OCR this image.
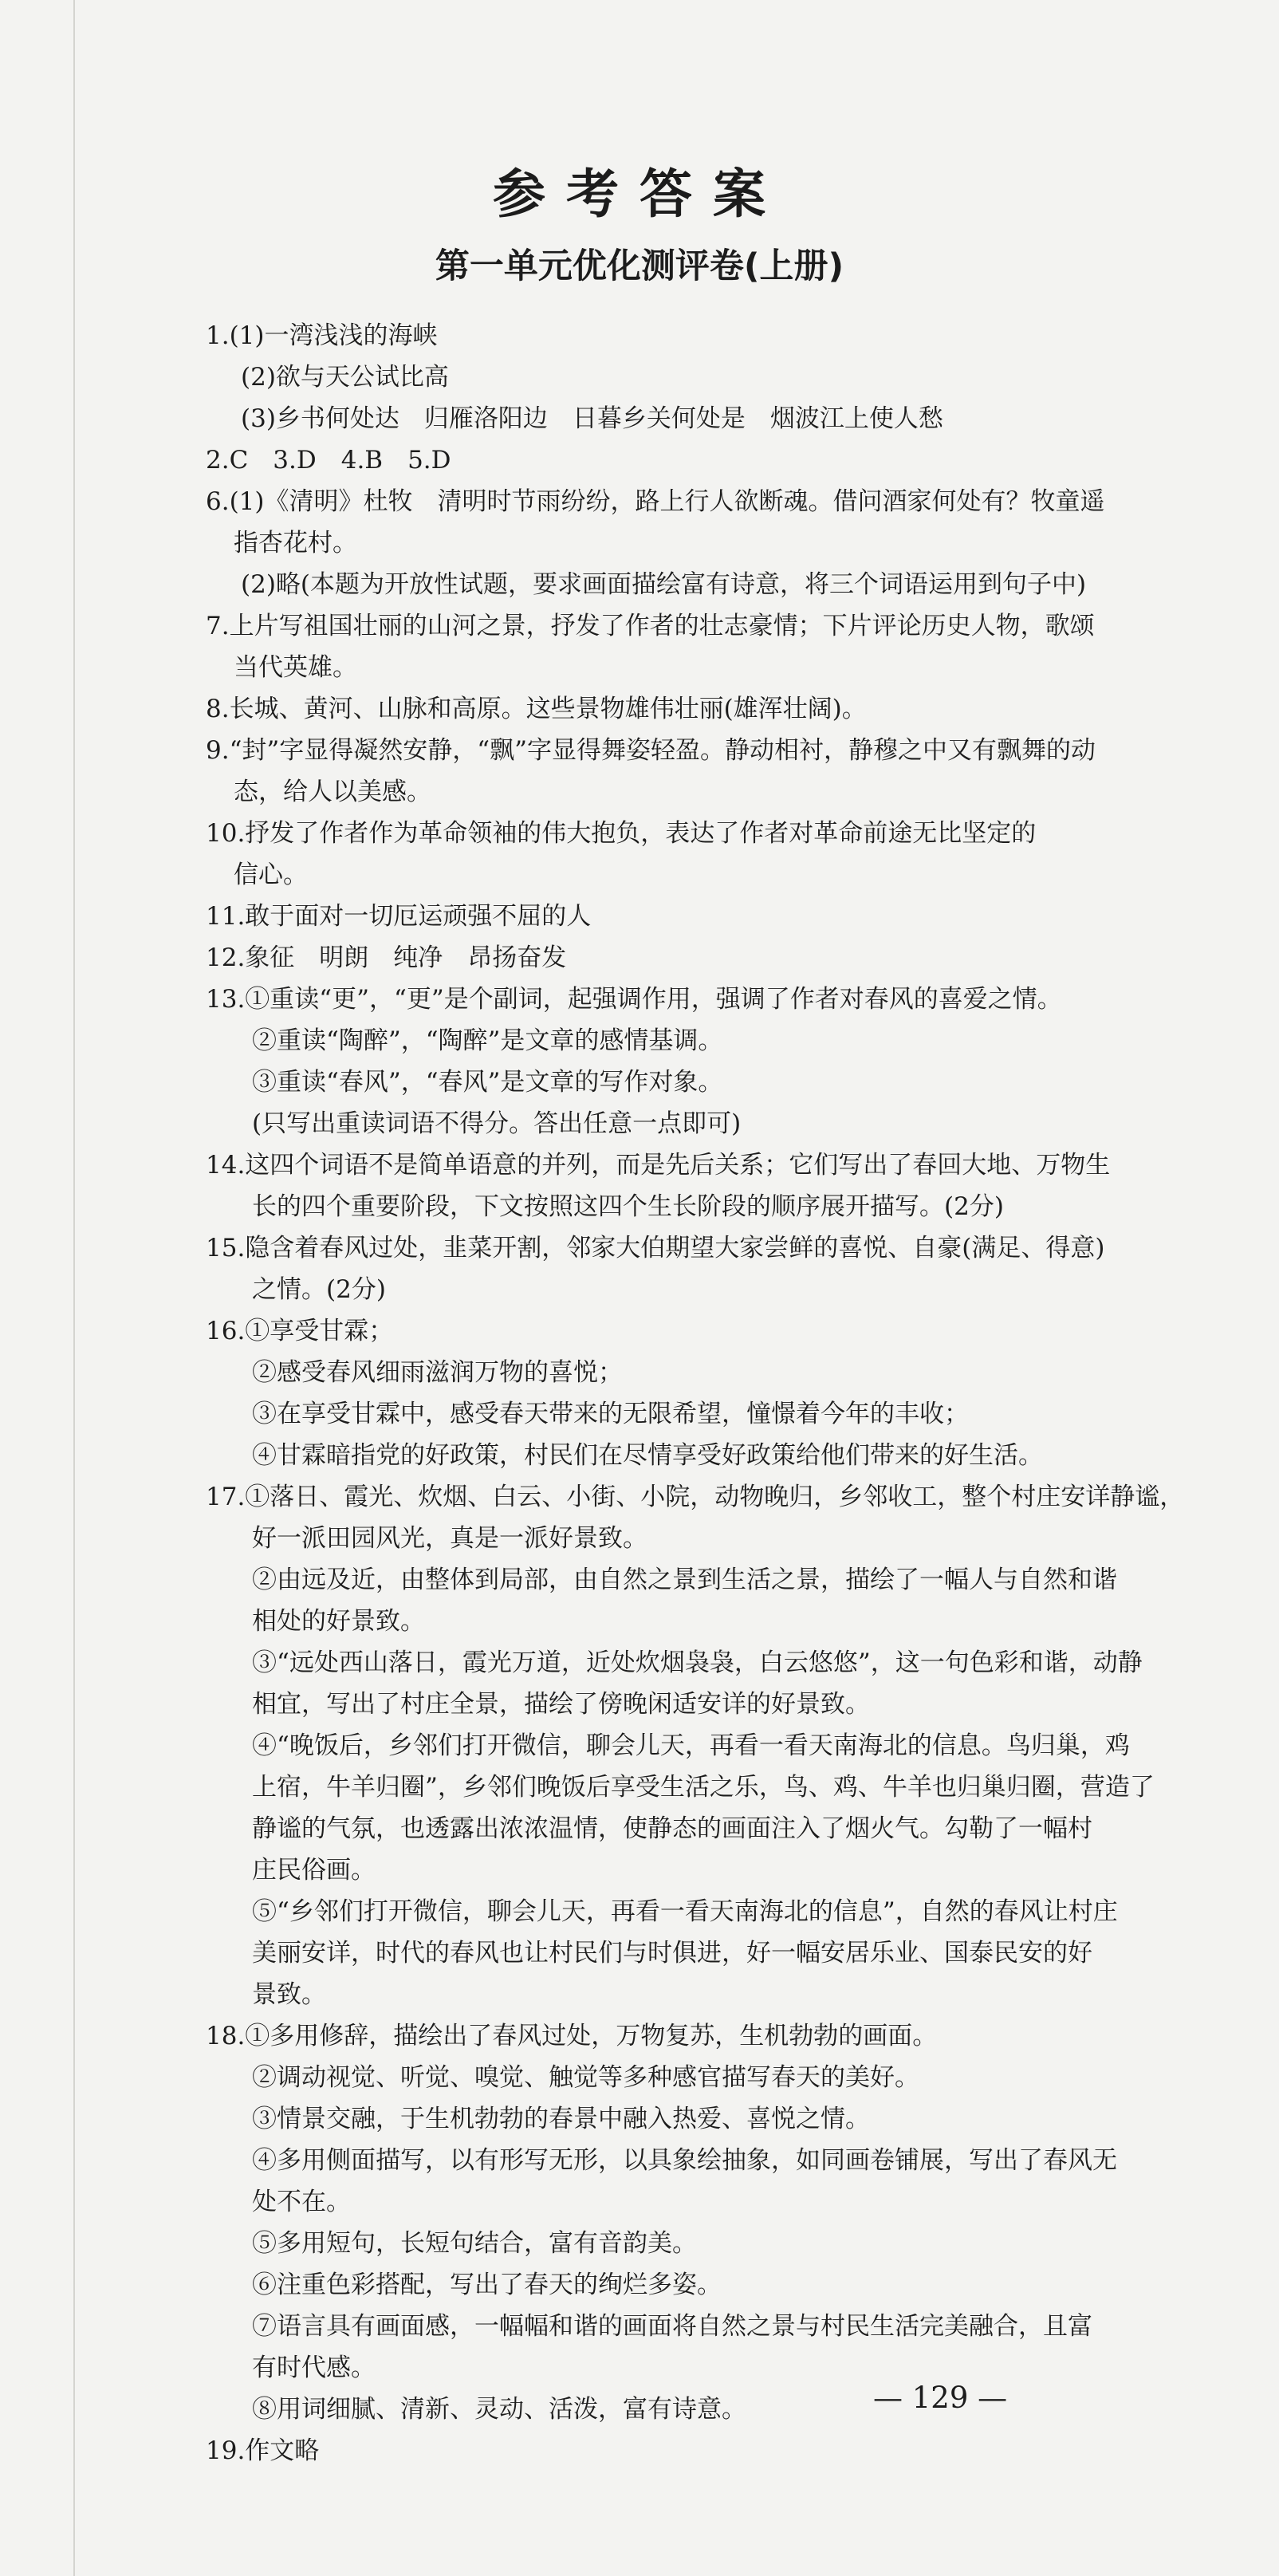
参考答案
第一单元优化测评卷(上册)
1.(1)一湾浅浅的海峡
(2)欲与天公试比高
(3)乡书何处达　归雁洛阳边　日暮乡关何处是　烟波江上使人愁
2.C　3.D　4.B　5.D
6.(1)《清明》杜牧　清明时节雨纷纷，路上行人欲断魂。借问酒家何处有？牧童遥
指杏花村。
(2)略(本题为开放性试题，要求画面描绘富有诗意，将三个词语运用到句子中)
7.上片写祖国壮丽的山河之景，抒发了作者的壮志豪情；下片评论历史人物，歌颂
当代英雄。
8.长城、黄河、山脉和高原。这些景物雄伟壮丽(雄浑壮阔)。
9.“封”字显得凝然安静，“飘”字显得舞姿轻盈。静动相衬，静穆之中又有飘舞的动
态，给人以美感。
10.抒发了作者作为革命领袖的伟大抱负，表达了作者对革命前途无比坚定的
信心。
11.敢于面对一切厄运顽强不屈的人
12.象征　明朗　纯净　昂扬奋发
13.①重读“更”，“更”是个副词，起强调作用，强调了作者对春风的喜爱之情。
②重读“陶醉”，“陶醉”是文章的感情基调。
③重读“春风”，“春风”是文章的写作对象。
(只写出重读词语不得分。答出任意一点即可)
14.这四个词语不是简单语意的并列，而是先后关系；它们写出了春回大地、万物生
长的四个重要阶段，下文按照这四个生长阶段的顺序展开描写。(2分)
15.隐含着春风过处，韭菜开割，邻家大伯期望大家尝鲜的喜悦、自豪(满足、得意)
之情。(2分)
16.①享受甘霖；
②感受春风细雨滋润万物的喜悦；
③在享受甘霖中，感受春天带来的无限希望，憧憬着今年的丰收；
④甘霖暗指党的好政策，村民们在尽情享受好政策给他们带来的好生活。
17.①落日、霞光、炊烟、白云、小街、小院，动物晚归，乡邻收工，整个村庄安详静谧，
好一派田园风光，真是一派好景致。
②由远及近，由整体到局部，由自然之景到生活之景，描绘了一幅人与自然和谐
相处的好景致。
③“远处西山落日，霞光万道，近处炊烟袅袅，白云悠悠”，这一句色彩和谐，动静
相宜，写出了村庄全景，描绘了傍晚闲适安详的好景致。
④“晚饭后，乡邻们打开微信，聊会儿天，再看一看天南海北的信息。鸟归巢，鸡
上宿，牛羊归圈”，乡邻们晚饭后享受生活之乐，鸟、鸡、牛羊也归巢归圈，营造了
静谧的气氛，也透露出浓浓温情，使静态的画面注入了烟火气。勾勒了一幅村
庄民俗画。
⑤“乡邻们打开微信，聊会儿天，再看一看天南海北的信息”，自然的春风让村庄
美丽安详，时代的春风也让村民们与时俱进，好一幅安居乐业、国泰民安的好
景致。
18.①多用修辞，描绘出了春风过处，万物复苏，生机勃勃的画面。
②调动视觉、听觉、嗅觉、触觉等多种感官描写春天的美好。
③情景交融，于生机勃勃的春景中融入热爱、喜悦之情。
④多用侧面描写，以有形写无形，以具象绘抽象，如同画卷铺展，写出了春风无
处不在。
⑤多用短句，长短句结合，富有音韵美。
⑥注重色彩搭配，写出了春天的绚烂多姿。
⑦语言具有画面感，一幅幅和谐的画面将自然之景与村民生活完美融合，且富
有时代感。
⑧用词细腻、清新、灵动、活泼，富有诗意。
19.作文略
— 129 —
